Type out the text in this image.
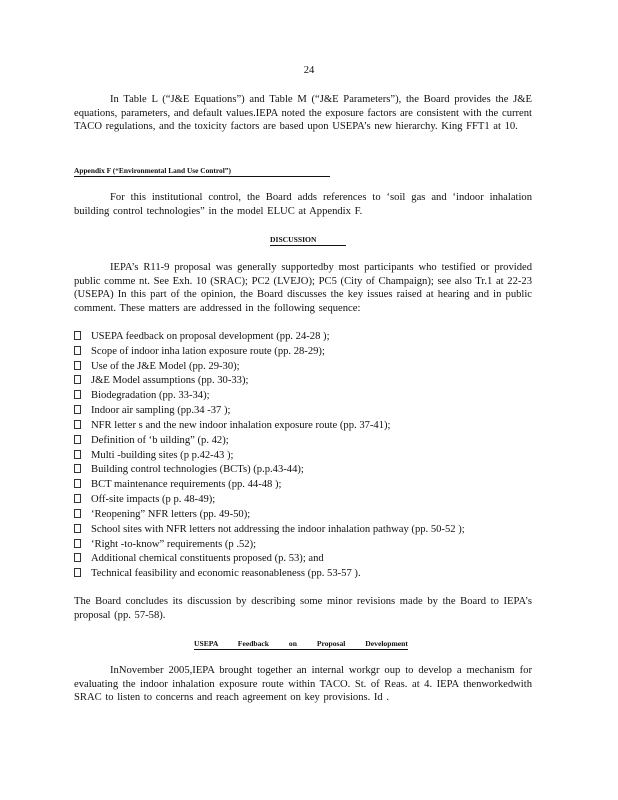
24

In Table L (“J&E Equations”) and Table M (“J&E Parameters”), the Board provides the J&E equations, parameters, and default values.IEPA noted the exposure factors are consistent with the current TACO regulations, and the toxicity factors are based upon USEPA’s new hierarchy. King FFT1 at 10.

Appendix F (“Environmental Land Use Control”)

For this institutional control, the Board adds references to ‘soil gas and ‘indoor inhalation building control technologies” in the model ELUC at Appendix F.

DISCUSSION

IEPA’s R11-9 proposal was generally supportedby most participants who testified or provided public comme nt. See Exh. 10 (SRAC); PC2 (LVEJO); PC5 (City of Champaign); see also Tr.1 at 22-23 (USEPA) In this part of the opinion, the Board discusses the key issues raised at hearing and in public comment. These matters are addressed in the following sequence:

USEPA feedback on proposal development (pp. 24-28 );
Scope of indoor inha lation exposure route (pp. 28-29);
Use of the J&E Model (pp. 29-30);
J&E Model assumptions (pp. 30-33);
Biodegradation (pp. 33-34);
Indoor air sampling (pp.34 -37 );
NFR letter s and the new indoor inhalation exposure route (pp. 37-41);
Definition of ‘b uilding” (p. 42);
Multi -building sites (p p.42-43 );
Building control technologies (BCTs) (p.p.43-44);
BCT maintenance requirements (pp. 44-48 );
Off-site impacts (p p. 48-49);
‘Reopening” NFR letters (pp. 49-50);
School sites with NFR letters not addressing the indoor inhalation pathway (pp. 50-52 );
‘Right -to-know” requirements (p .52);
Additional chemical constituents proposed (p. 53); and
Technical feasibility and economic reasonableness (pp. 53-57 ).

The Board concludes its discussion by describing some minor revisions made by the Board to IEPA’s proposal (pp. 57-58).

USEPA Feedback on Proposal Development

InNovember 2005,IEPA brought together an internal workgr oup to develop a mechanism for evaluating the indoor inhalation exposure route within TACO. St. of Reas. at 4. IEPA thenworkedwith SRAC to listen to concerns and reach agreement on key provisions. Id .
